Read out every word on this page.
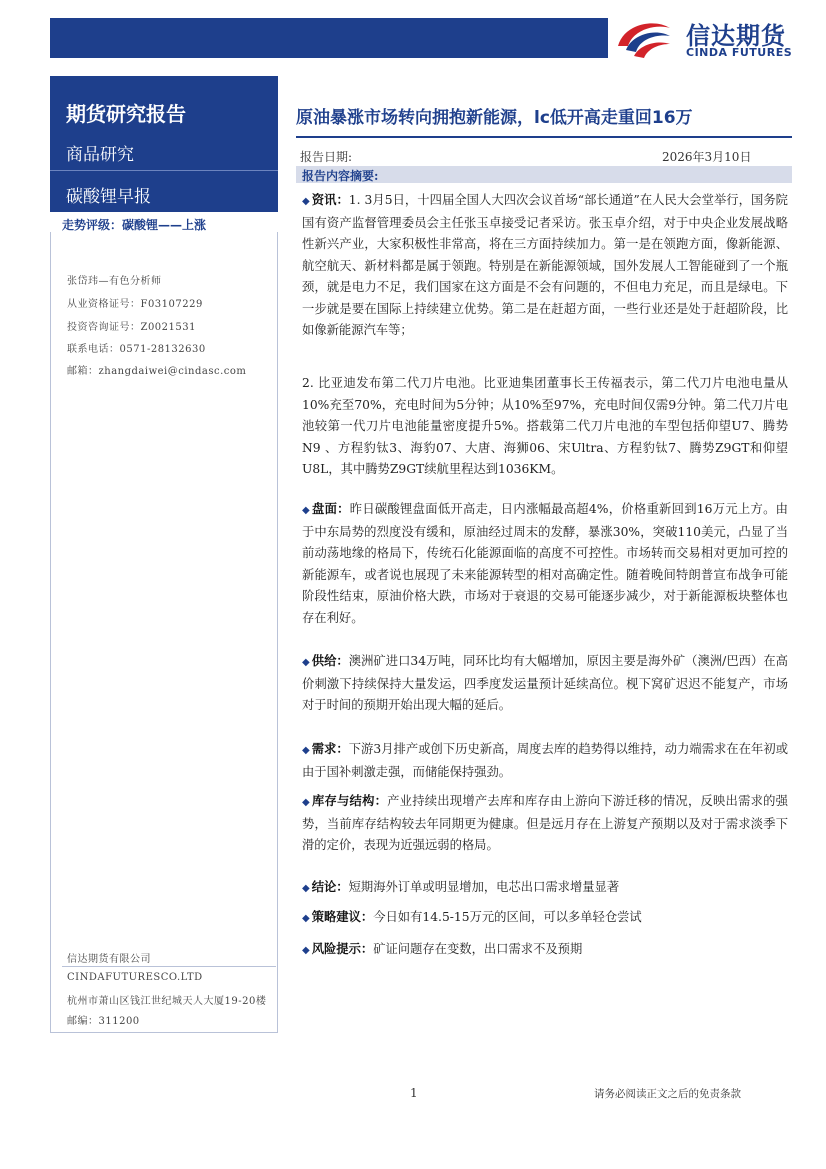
信达期货
CINDA FUTURES
期货研究报告
商品研究
碳酸锂早报
走势评级：碳酸锂——上涨
张岱玮—有色分析师
从业资格证号：F03107229
投资咨询证号：Z0021531
联系电话：0571-28132630
邮箱：zhangdaiwei@cindasc.com
信达期货有限公司
CINDAFUTURESCO.LTD
杭州市萧山区钱江世纪城天人大厦19-20楼
邮编：311200
原油暴涨市场转向拥抱新能源，lc低开高走重回16万
报告日期:	2026年3月10日
报告内容摘要:
◆ 资讯：1. 3月5日，十四届全国人大四次会议首场“部长通道”在人民大会堂举行，国务院国有资产监督管理委员会主任张玉卓接受记者采访。张玉卓介绍，对于中央企业发展战略性新兴产业，大家积极性非常高，将在三方面持续加力。第一是在领跑方面，像新能源、航空航天、新材料都是属于领跑。特别是在新能源领域，国外发展人工智能碰到了一个瓶颈，就是电力不足，我们国家在这方面是不会有问题的，不但电力充足，而且是绿电。下一步就是要在国际上持续建立优势。第二是在赶超方面，一些行业还是处于赶超阶段，比如像新能源汽车等；
2. 比亚迪发布第二代刀片电池。比亚迪集团董事长王传福表示，第二代刀片电池电量从10%充至70%，充电时间为5分钟；从10%至97%，充电时间仅需9分钟。第二代刀片电池较第一代刀片电池能量密度提升5%。搭载第二代刀片电池的车型包括仰望U7、腾势N9 、方程豹钛3、海豹07、大唐、海狮06、宋Ultra、方程豹钛7、腾势Z9GT和仰望U8L，其中腾势Z9GT续航里程达到1036KM。
◆ 盘面：昨日碳酸锂盘面低开高走，日内涨幅最高超4%，价格重新回到16万元上方。由于中东局势的烈度没有缓和，原油经过周末的发酵，暴涨30%，突破110美元，凸显了当前动荡地缘的格局下，传统石化能源面临的高度不可控性。市场转而交易相对更加可控的新能源车，或者说也展现了未来能源转型的相对高确定性。随着晚间特朗普宣布战争可能阶段性结束，原油价格大跌，市场对于衰退的交易可能逐步减少，对于新能源板块整体也存在利好。
◆ 供给：澳洲矿进口34万吨，同环比均有大幅增加，原因主要是海外矿（澳洲/巴西）在高价刺激下持续保持大量发运，四季度发运量预计延续高位。枧下窝矿迟迟不能复产，市场对于时间的预期开始出现大幅的延后。
◆ 需求：下游3月排产或创下历史新高，周度去库的趋势得以维持，动力端需求在在年初或由于国补刺激走强，而储能保持强劲。
◆ 库存与结构：产业持续出现增产去库和库存由上游向下游迁移的情况，反映出需求的强势，当前库存结构较去年同期更为健康。但是远月存在上游复产预期以及对于需求淡季下滑的定价，表现为近强远弱的格局。
◆ 结论：短期海外订单或明显增加，电芯出口需求增量显著
◆ 策略建议：今日如有14.5-15万元的区间，可以多单轻仓尝试
◆ 风险提示：矿证问题存在变数，出口需求不及预期
1	请务必阅读正文之后的免责条款
